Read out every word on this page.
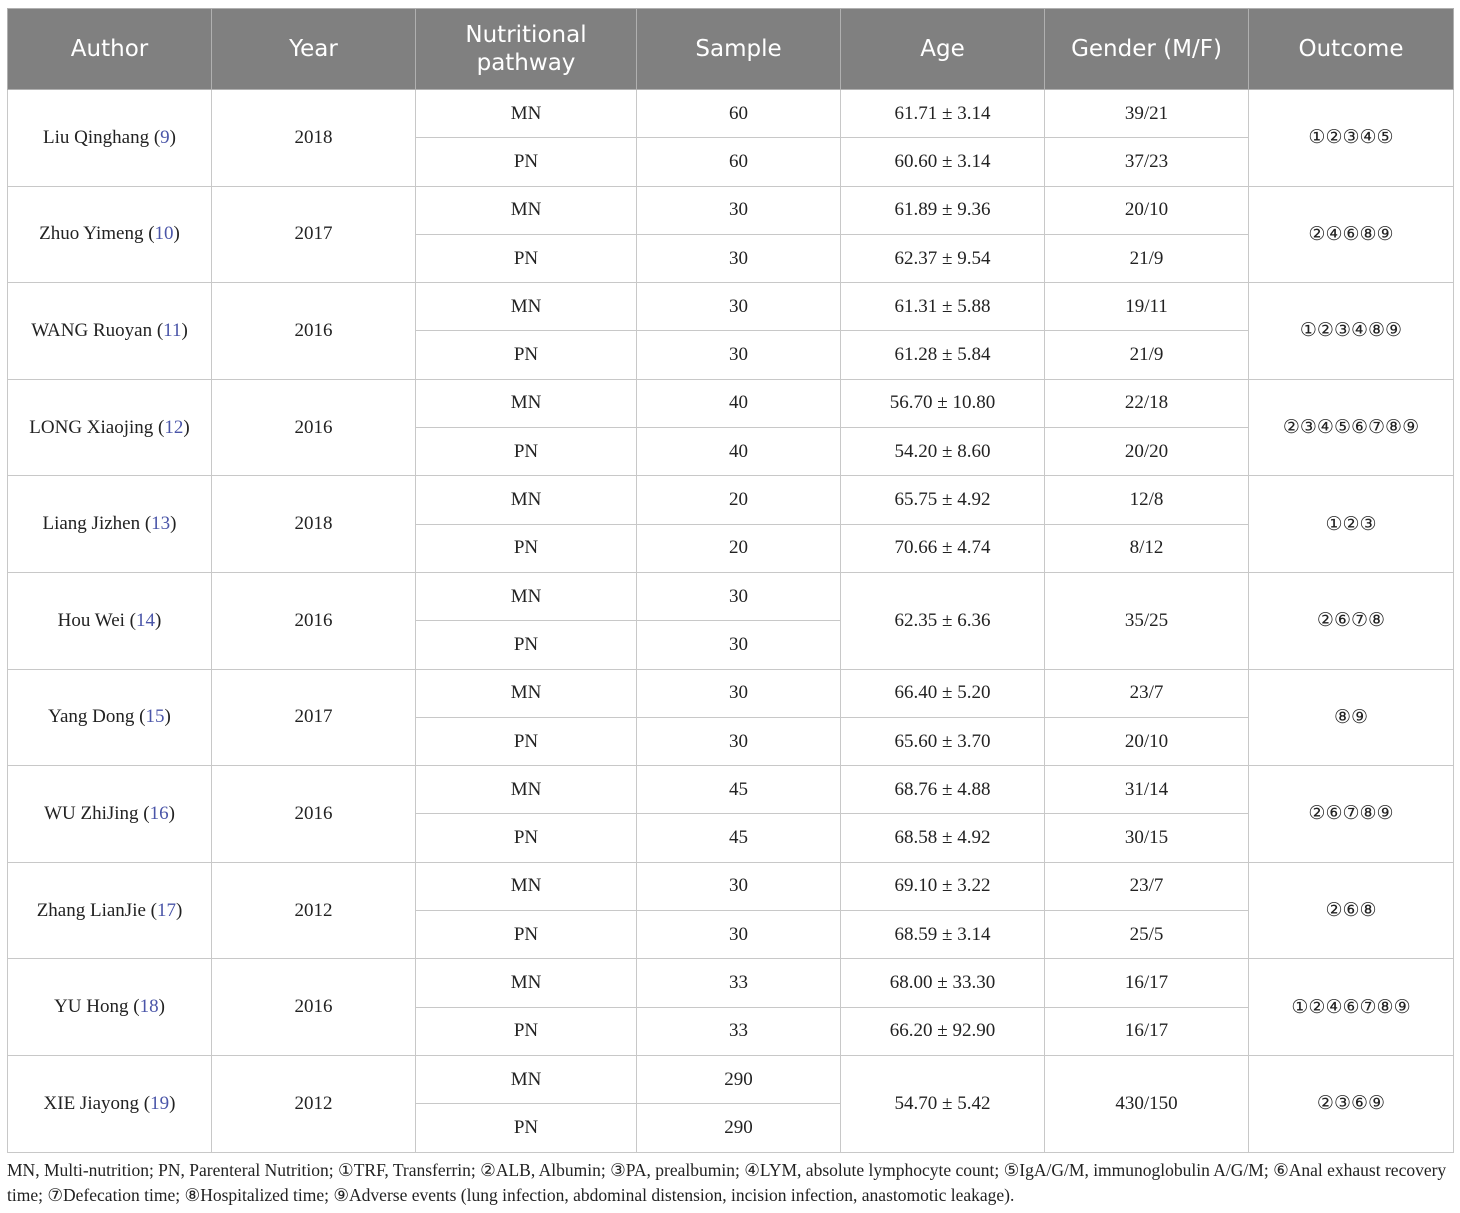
Author	Year	Nutritional pathway	Sample	Age	Gender (M/F)	Outcome
Liu Qinghang (9)	2018	MN	60	61.71 ± 3.14	39/21	①②③④⑤
		PN	60	60.60 ± 3.14	37/23	
Zhuo Yimeng (10)	2017	MN	30	61.89 ± 9.36	20/10	②④⑥⑧⑨
		PN	30	62.37 ± 9.54	21/9	
WANG Ruoyan (11)	2016	MN	30	61.31 ± 5.88	19/11	①②③④⑧⑨
		PN	30	61.28 ± 5.84	21/9	
LONG Xiaojing (12)	2016	MN	40	56.70 ± 10.80	22/18	②③④⑤⑥⑦⑧⑨
		PN	40	54.20 ± 8.60	20/20	
Liang Jizhen (13)	2018	MN	20	65.75 ± 4.92	12/8	①②③
		PN	20	70.66 ± 4.74	8/12	
Hou Wei (14)	2016	MN	30	62.35 ± 6.36	35/25	②⑥⑦⑧
		PN	30			
Yang Dong (15)	2017	MN	30	66.40 ± 5.20	23/7	⑧⑨
		PN	30	65.60 ± 3.70	20/10	
WU ZhiJing (16)	2016	MN	45	68.76 ± 4.88	31/14	②⑥⑦⑧⑨
		PN	45	68.58 ± 4.92	30/15	
Zhang LianJie (17)	2012	MN	30	69.10 ± 3.22	23/7	②⑥⑧
		PN	30	68.59 ± 3.14	25/5	
YU Hong (18)	2016	MN	33	68.00 ± 33.30	16/17	①②④⑥⑦⑧⑨
		PN	33	66.20 ± 92.90	16/17	
XIE Jiayong (19)	2012	MN	290	54.70 ± 5.42	430/150	②③⑥⑨
		PN	290			
MN, Multi-nutrition; PN, Parenteral Nutrition; ①TRF, Transferrin; ②ALB, Albumin; ③PA, prealbumin; ④LYM, absolute lymphocyte count; ⑤IgA/G/M, immunoglobulin A/G/M; ⑥Anal exhaust recovery time; ⑦Defecation time; ⑧Hospitalized time; ⑨Adverse events (lung infection, abdominal distension, incision infection, anastomotic leakage).
